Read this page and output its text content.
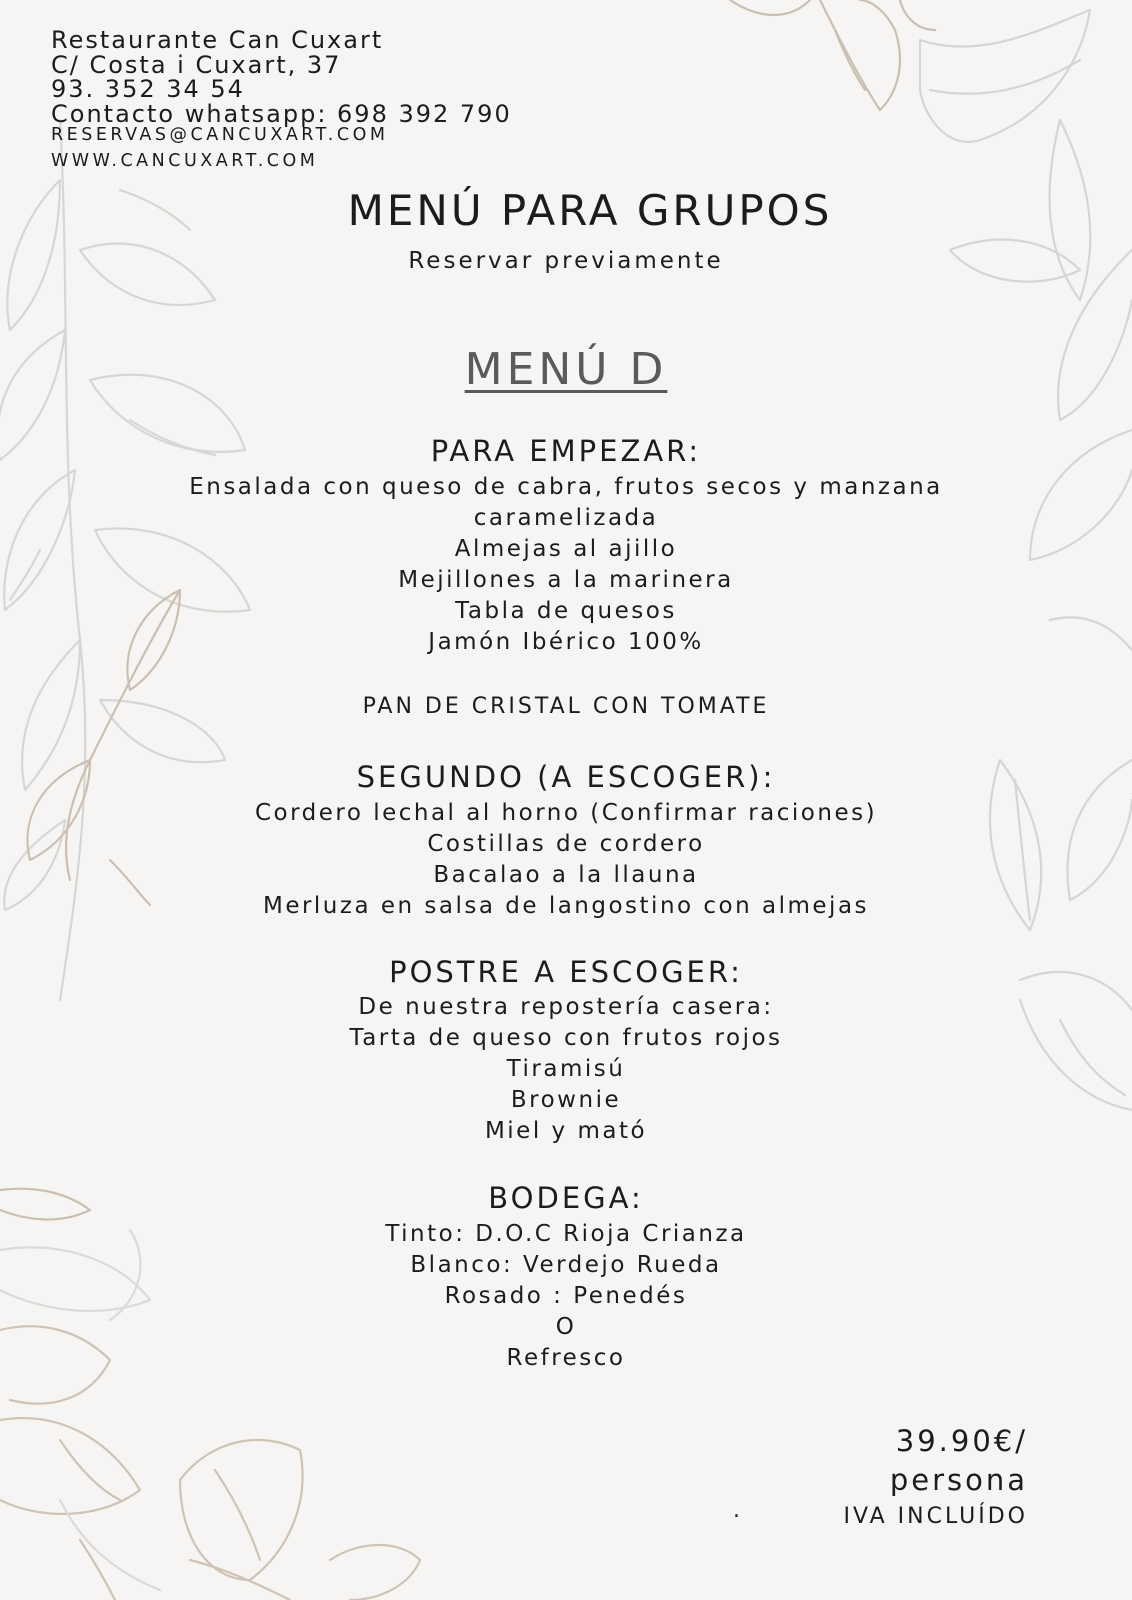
Restaurante Can Cuxart
C/ Costa i Cuxart, 37
93. 352 34 54
Contacto whatsapp: 698 392 790
RESERVAS@CANCUXART.COM
WWW.CANCUXART.COM
MENÚ PARA GRUPOS
Reservar previamente
MENÚ D
PARA EMPEZAR:
Ensalada con queso de cabra, frutos secos y manzana
caramelizada
Almejas al ajillo
Mejillones a la marinera
Tabla de quesos
Jamón Ibérico 100%
PAN DE CRISTAL CON TOMATE
SEGUNDO (A ESCOGER):
Cordero lechal al horno (Confirmar raciones)
Costillas de cordero
Bacalao a la llauna
Merluza en salsa de langostino con almejas
POSTRE A ESCOGER:
De nuestra repostería casera:
Tarta de queso con frutos rojos
Tiramisú
Brownie
Miel y mató
BODEGA:
Tinto: D.O.C Rioja Crianza
Blanco: Verdejo Rueda
Rosado : Penedés
O
Refresco
39.90€/
persona
.	IVA INCLUÍDO
